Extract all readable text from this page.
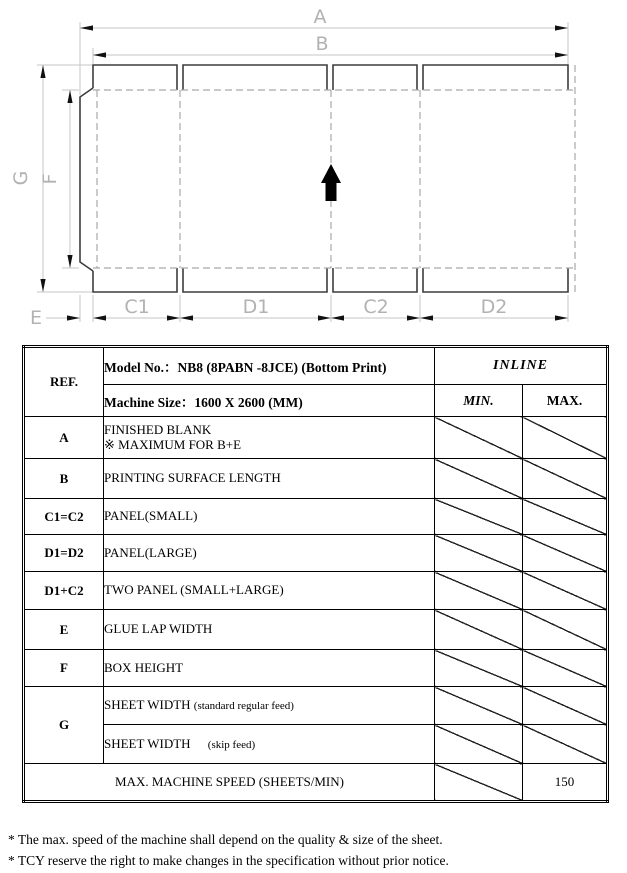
A
B
G F
E	C1	D1	C2	D2
REF.	Model No.：NB8 (8PABN -8JCE) (Bottom Print)	INLINE	
	Machine Size：1600 X 2600 (MM)	MIN.	MAX.
A	FINISHED BLANK
※ MAXIMUM FOR B+E		

B	PRINTING SURFACE LENGTH		
C1=C2	PANEL(SMALL)		
D1=D2	PANEL(LARGE)		
D1+C2	TWO PANEL (SMALL+LARGE)		
E	GLUE LAP WIDTH		
F	BOX HEIGHT		
G	SHEET WIDTH (standard regular feed)		
	SHEET WIDTH (skip feed)		
MAX. MACHINE SPEED (SHEETS/MIN)			150
* The max. speed of the machine shall depend on the quality & size of the sheet.
* TCY reserve the right to make changes in the specification without prior notice.
